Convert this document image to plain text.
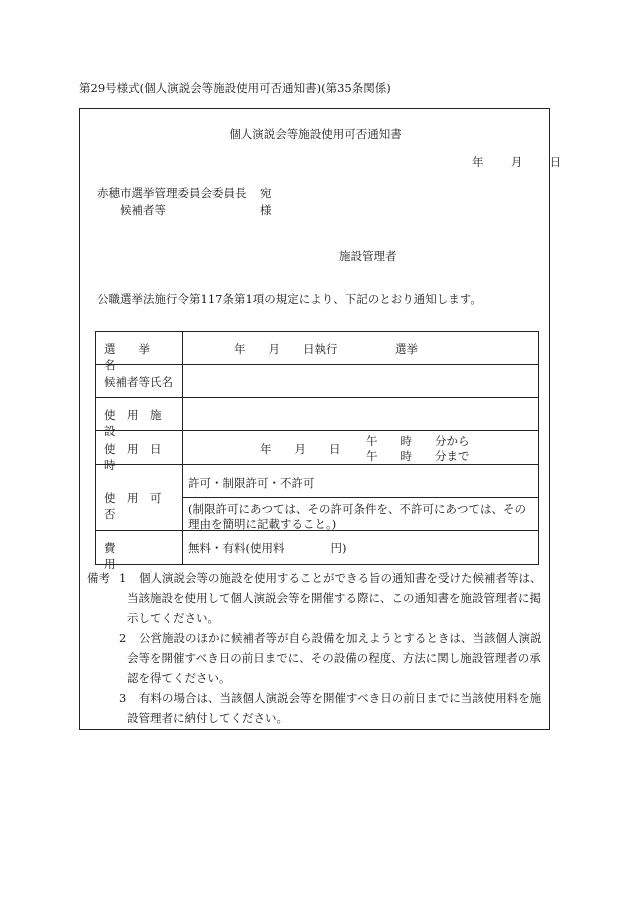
第29号様式(個人演説会等施設使用可否通知書)(第35条関係)
個人演説会等施設使用可否通知書
年 月 日
赤穂市選挙管理委員会委員長 宛
候補者等	様
施設管理者
公職選挙法施行令第117条第1項の規定により、下記のとおり通知します。
選　　挙　　名
年　　月　　日執行　　　　　選挙
候補者等氏名
使　用　施　設
使　用　日　時
年　　月　　日
午　　時　　分から
午　　時　　分まで
使　用　可　否
許可・制限許可・不許可
(制限許可にあつては、その許可条件を、不許可にあつては、その
理由を簡明に記載すること。)
費　　　　　用
無料・有料(使用料　　　　円)
備考 1 個人演説会等の施設を使用することができる旨の通知書を受けた候補者等は、
当該施設を使用して個人演説会等を開催する際に、この通知書を施設管理者に掲
示してください。
2 公営施設のほかに候補者等が自ら設備を加えようとするときは、当該個人演説
会等を開催すべき日の前日までに、その設備の程度、方法に関し施設管理者の承
認を得てください。
3 有料の場合は、当該個人演説会等を開催すべき日の前日までに当該使用料を施
設管理者に納付してください。
